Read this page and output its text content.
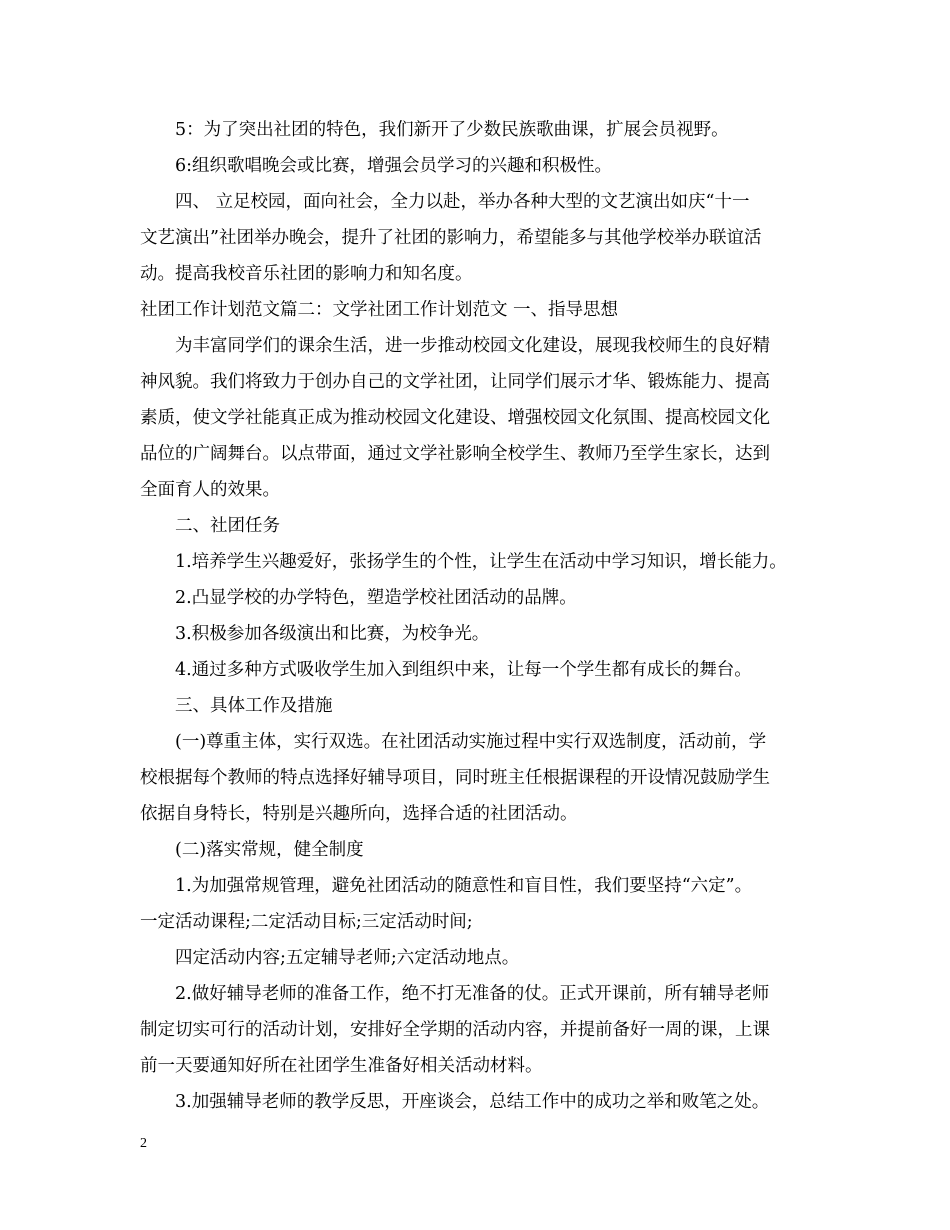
5：为了突出社团的特色，我们新开了少数民族歌曲课，扩展会员视野。

6:组织歌唱晚会或比赛，增强会员学习的兴趣和积极性。

四、 立足校园，面向社会，全力以赴，举办各种大型的文艺演出如庆“十一

文艺演出”社团举办晚会，提升了社团的影响力，希望能多与其他学校举办联谊活

动。提高我校音乐社团的影响力和知名度。

社团工作计划范文篇二：文学社团工作计划范文 一、指导思想

为丰富同学们的课余生活，进一步推动校园文化建设，展现我校师生的良好精

神风貌。我们将致力于创办自己的文学社团，让同学们展示才华、锻炼能力、提高

素质，使文学社能真正成为推动校园文化建设、增强校园文化氛围、提高校园文化

品位的广阔舞台。以点带面，通过文学社影响全校学生、教师乃至学生家长，达到

全面育人的效果。

二、社团任务

1.培养学生兴趣爱好，张扬学生的个性，让学生在活动中学习知识，增长能力。

2.凸显学校的办学特色，塑造学校社团活动的品牌。

3.积极参加各级演出和比赛，为校争光。

4.通过多种方式吸收学生加入到组织中来，让每一个学生都有成长的舞台。

三、具体工作及措施

(一)尊重主体，实行双选。在社团活动实施过程中实行双选制度，活动前，学

校根据每个教师的特点选择好辅导项目，同时班主任根据课程的开设情况鼓励学生

依据自身特长，特别是兴趣所向，选择合适的社团活动。

(二)落实常规，健全制度

1.为加强常规管理，避免社团活动的随意性和盲目性，我们要坚持“六定”。

一定活动课程;二定活动目标;三定活动时间;

四定活动内容;五定辅导老师;六定活动地点。

2.做好辅导老师的准备工作，绝不打无准备的仗。正式开课前，所有辅导老师

制定切实可行的活动计划，安排好全学期的活动内容，并提前备好一周的课，上课

前一天要通知好所在社团学生准备好相关活动材料。

3.加强辅导老师的教学反思，开座谈会，总结工作中的成功之举和败笔之处。

2
